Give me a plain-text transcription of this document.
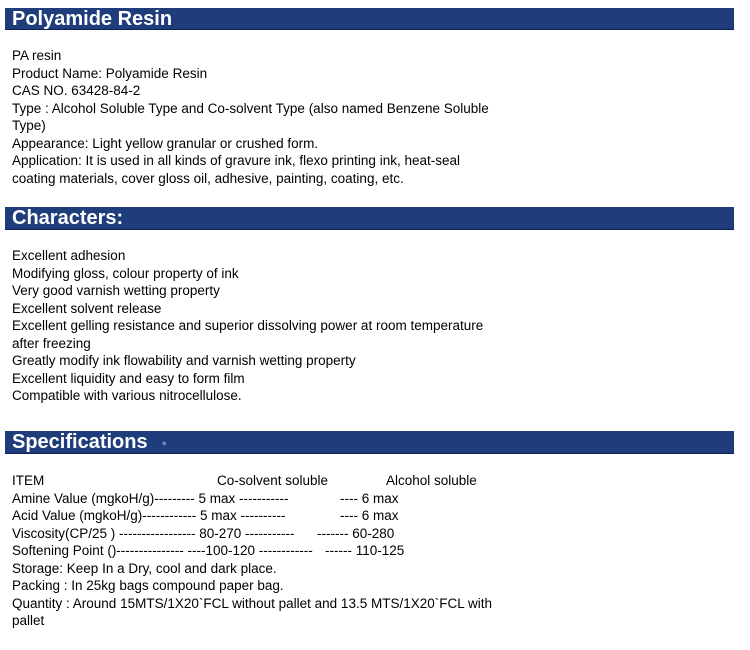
Polyamide Resin
PA resin
Product Name: Polyamide Resin
CAS NO. 63428-84-2
Type : Alcohol Soluble Type and Co-solvent Type (also named Benzene Soluble
Type)
Appearance: Light yellow granular or crushed form.
Application: It is used in all kinds of gravure ink, flexo printing ink, heat-seal
coating materials, cover gloss oil, adhesive, painting, coating, etc.
Characters:
Excellent adhesion
Modifying gloss, colour property of ink
Very good varnish wetting property
Excellent solvent release
Excellent gelling resistance and superior dissolving power at room temperature
after freezing
Greatly modify ink flowability and varnish wetting property
Excellent liquidity and easy to form film
Compatible with various nitrocellulose.
Specifications ●
ITEM	Co-solvent soluble	Alcohol soluble
Amine Value (mgkoH/g)--------- 5 max -----------	---- 6 max
Acid Value (mgkoH/g)------------ 5 max ----------	---- 6 max
Viscosity(CP/25 ) ----------------- 80-270 ----------- ------- 60-280
Softening Point ()--------------- ----100-120 ------------ ------ 110-125
Storage: Keep In a Dry, cool and dark place.
Packing : In 25kg bags compound paper bag.
Quantity : Around 15MTS/1X20`FCL without pallet and 13.5 MTS/1X20`FCL with
pallet
